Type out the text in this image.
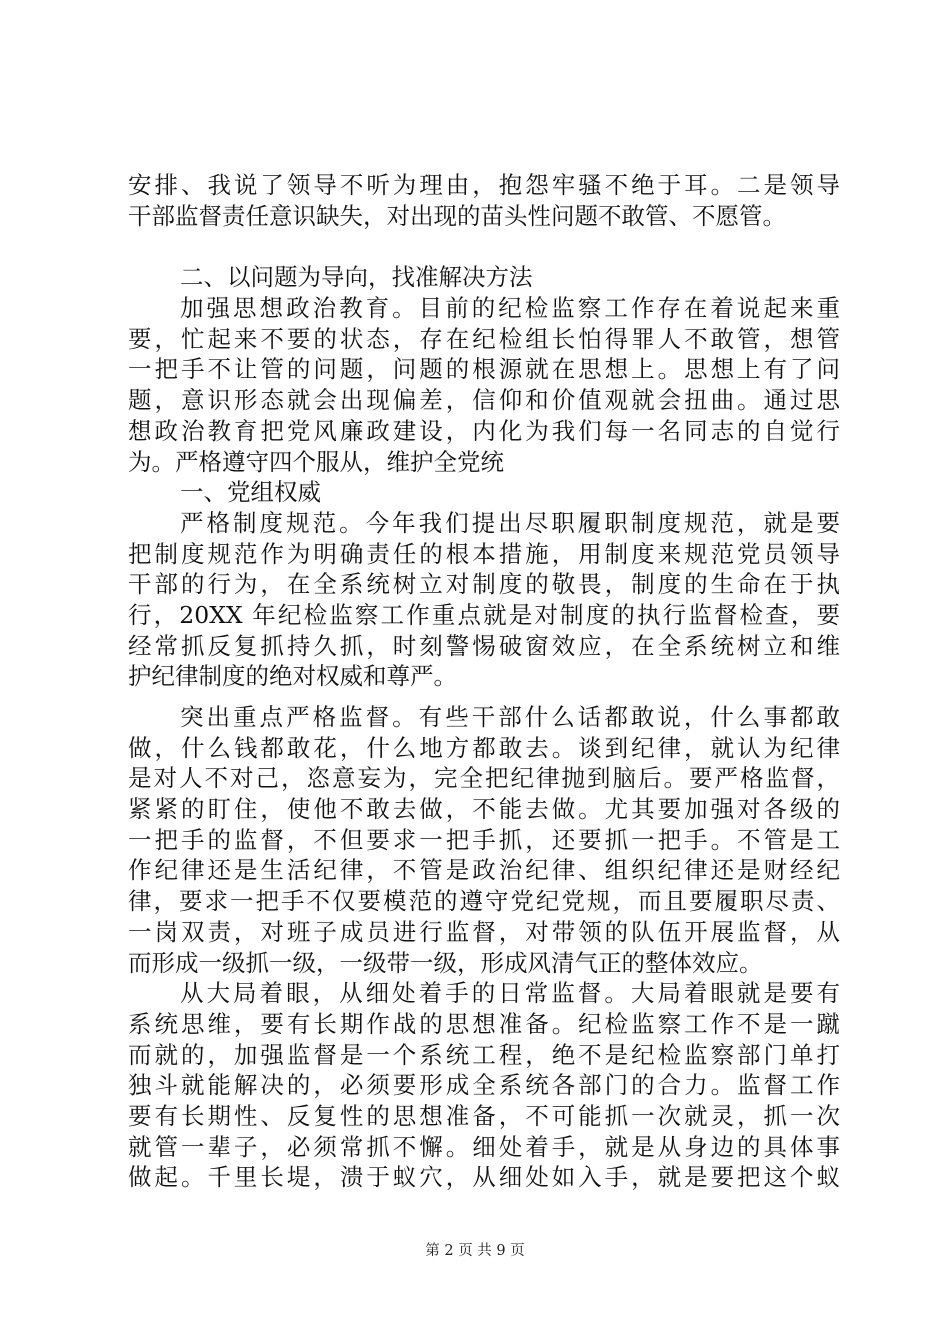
安排、我说了领导不听为理由，抱怨牢骚不绝于耳。二是领导
干部监督责任意识缺失，对出现的苗头性问题不敢管、不愿管。
二、以问题为导向，找准解决方法
加强思想政治教育。目前的纪检监察工作存在着说起来重
要，忙起来不要的状态，存在纪检组长怕得罪人不敢管，想管
一把手不让管的问题，问题的根源就在思想上。思想上有了问
题，意识形态就会出现偏差，信仰和价值观就会扭曲。通过思
想政治教育把党风廉政建设，内化为我们每一名同志的自觉行
为。严格遵守四个服从，维护全党统
一、党组权威
严格制度规范。今年我们提出尽职履职制度规范，就是要
把制度规范作为明确责任的根本措施，用制度来规范党员领导
干部的行为，在全系统树立对制度的敬畏，制度的生命在于执
行，20XX 年纪检监察工作重点就是对制度的执行监督检查，要
经常抓反复抓持久抓，时刻警惕破窗效应，在全系统树立和维
护纪律制度的绝对权威和尊严。
突出重点严格监督。有些干部什么话都敢说，什么事都敢
做，什么钱都敢花，什么地方都敢去。谈到纪律，就认为纪律
是对人不对己，恣意妄为，完全把纪律抛到脑后。要严格监督，
紧紧的盯住，使他不敢去做，不能去做。尤其要加强对各级的
一把手的监督，不但要求一把手抓，还要抓一把手。不管是工
作纪律还是生活纪律，不管是政治纪律、组织纪律还是财经纪
律，要求一把手不仅要模范的遵守党纪党规，而且要履职尽责、
一岗双责，对班子成员进行监督，对带领的队伍开展监督，从
而形成一级抓一级，一级带一级，形成风清气正的整体效应。
从大局着眼，从细处着手的日常监督。大局着眼就是要有
系统思维，要有长期作战的思想准备。纪检监察工作不是一蹴
而就的，加强监督是一个系统工程，绝不是纪检监察部门单打
独斗就能解决的，必须要形成全系统各部门的合力。监督工作
要有长期性、反复性的思想准备，不可能抓一次就灵，抓一次
就管一辈子，必须常抓不懈。细处着手，就是从身边的具体事
做起。千里长堤，溃于蚁穴，从细处如入手，就是要把这个蚁
第 2 页 共 9 页
